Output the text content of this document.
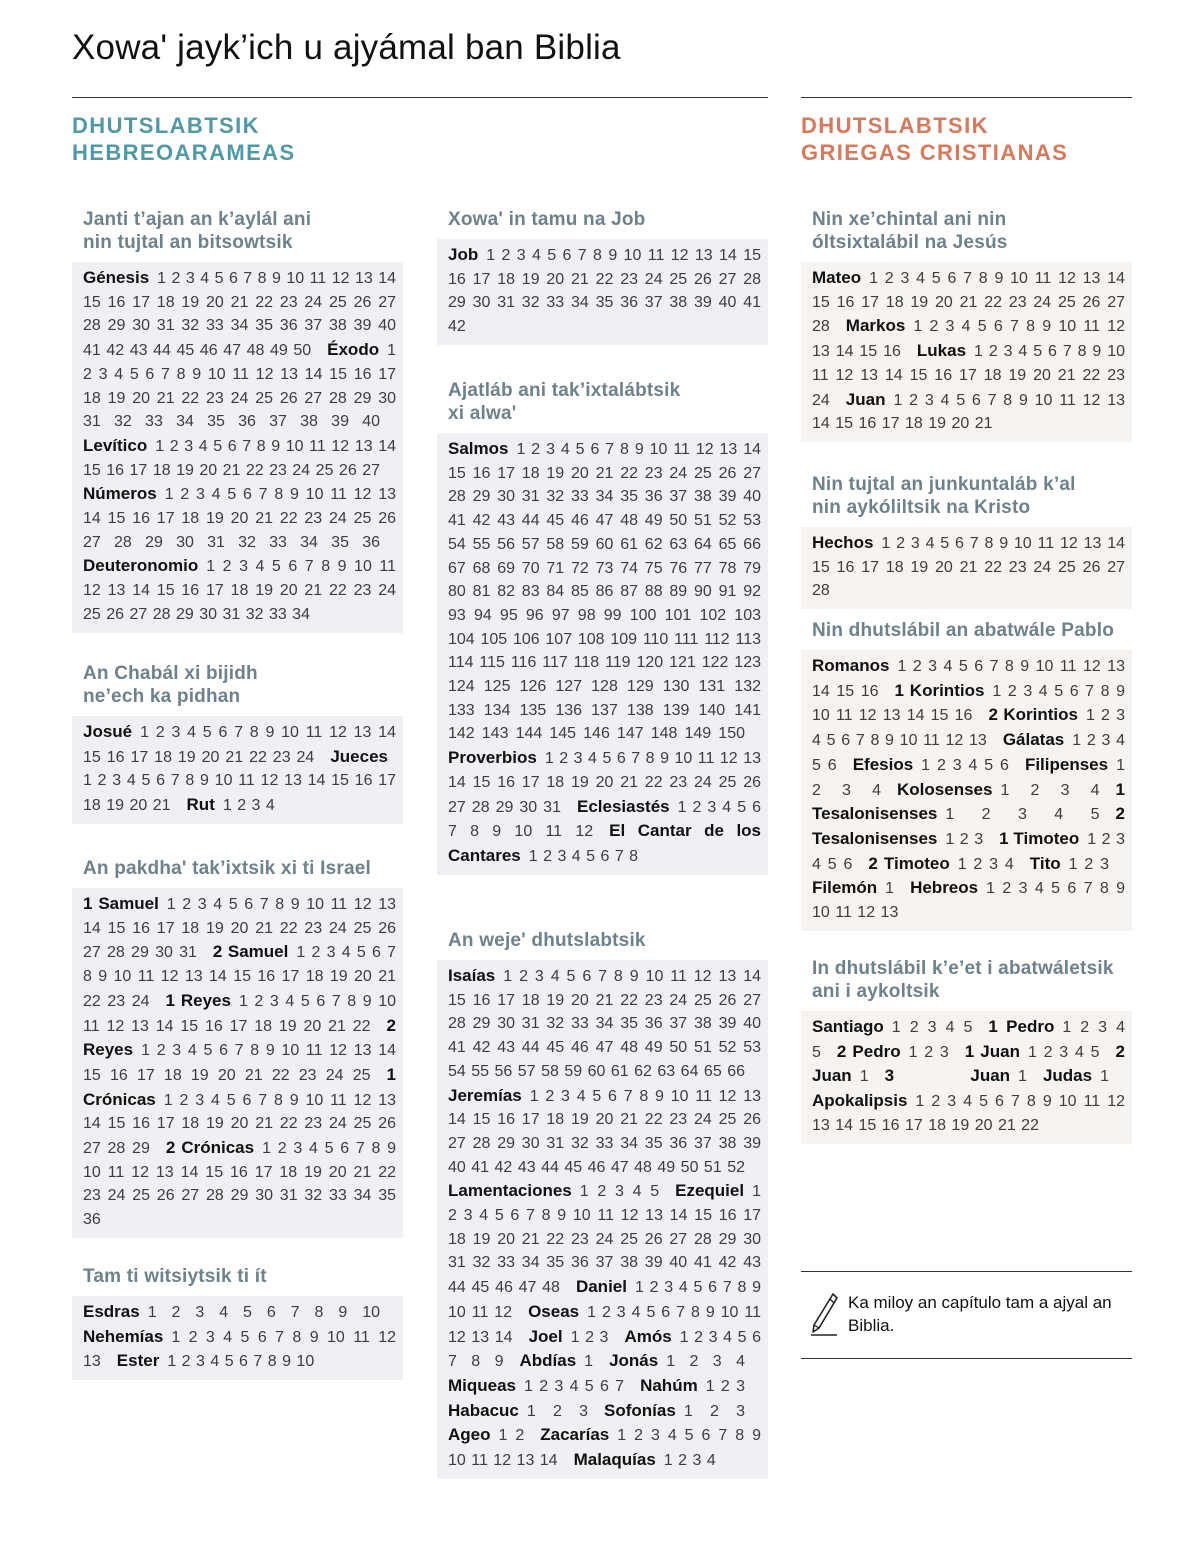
Xowa' jayk’ich u ajyámal ban Biblia
DHUTSLABTSIK
HEBREOARAMEAS
DHUTSLABTSIK
GRIEGAS CRISTIANAS
Janti t’ajan an k’aylál ani
nin tujtal an bitsowtsik
Génesis  1 2 3 4 5 6 7 8 9 10 11 12 13 14 15 16 17 18 19 20 21 22 23 24 25 26 27 28 29 30 31 32 33 34 35 36 37 38 39 40 41 42 43 44 45 46 47 48 49 50  Éxodo  1 2 3 4 5 6 7 8 9 10 11 12 13 14 15 16 17 18 19 20 21 22 23 24 25 26 27 28 29 30 31 32 33 34 35 36 37 38 39 40 Levítico  1 2 3 4 5 6 7 8 9 10 11 12 13 14 15 16 17 18 19 20 21 22 23 24 25 26 27 Números  1 2 3 4 5 6 7 8 9 10 11 12 13 14 15 16 17 18 19 20 21 22 23 24 25 26 27 28 29 30 31 32 33 34 35 36 Deuteronomio  1 2 3 4 5 6 7 8 9 10 11 12 13 14 15 16 17 18 19 20 21 22 23 24 25 26 27 28 29 30 31 32 33 34 
An Chabál xi bijidh
ne’ech ka pidhan
Josué  1 2 3 4 5 6 7 8 9 10 11 12 13 14 15 16 17 18 19 20 21 22 23 24  Jueces 1 2 3 4 5 6 7 8 9 10 11 12 13 14 15 16 17 18 19 20 21  Rut  1 2 3 4 
An pakdha' tak’ixtsik xi ti Israel
1 Samuel  1 2 3 4 5 6 7 8 9 10 11 12 13 14 15 16 17 18 19 20 21 22 23 24 25 26 27 28 29 30 31  2 Samuel  1 2 3 4 5 6 7 8 9 10 11 12 13 14 15 16 17 18 19 20 21 22 23 24  1 Reyes  1 2 3 4 5 6 7 8 9 10 11 12 13 14 15 16 17 18 19 20 21 22  2 Reyes  1 2 3 4 5 6 7 8 9 10 11 12 13 14 15 16 17 18 19 20 21 22 23 24 25  1 Crónicas  1 2 3 4 5 6 7 8 9 10 11 12 13 14 15 16 17 18 19 20 21 22 23 24 25 26 27 28 29  2 Crónicas  1 2 3 4 5 6 7 8 9 10 11 12 13 14 15 16 17 18 19 20 21 22 23 24 25 26 27 28 29 30 31 32 33 34 35 36 
Tam ti witsiytsik ti ít
Esdras  1 2 3 4 5 6 7 8 9 10 Nehemías  1 2 3 4 5 6 7 8 9 10 11 12 13  Ester  1 2 3 4 5 6 7 8 9 10 
Xowa' in tamu na Job
Job  1 2 3 4 5 6 7 8 9 10 11 12 13 14 15 16 17 18 19 20 21 22 23 24 25 26 27 28 29 30 31 32 33 34 35 36 37 38 39 40 41 42 
Ajatláb ani tak’ixtalábtsik
xi alwa'
Salmos  1 2 3 4 5 6 7 8 9 10 11 12 13 14 15 16 17 18 19 20 21 22 23 24 25 26 27 28 29 30 31 32 33 34 35 36 37 38 39 40 41 42 43 44 45 46 47 48 49 50 51 52 53 54 55 56 57 58 59 60 61 62 63 64 65 66 67 68 69 70 71 72 73 74 75 76 77 78 79 80 81 82 83 84 85 86 87 88 89 90 91 92 93 94 95 96 97 98 99 100 101 102 103 104 105 106 107 108 109 110 111 112 113 114 115 116 117 118 119 120 121 122 123 124 125 126 127 128 129 130 131 132 133 134 135 136 137 138 139 140 141 142 143 144 145 146 147 148 149 150 Proverbios  1 2 3 4 5 6 7 8 9 10 11 12 13 14 15 16 17 18 19 20 21 22 23 24 25 26 27 28 29 30 31  Eclesiastés  1 2 3 4 5 6 7 8 9 10 11 12  El Cantar de los Cantares  1 2 3 4 5 6 7 8 
An weje' dhutslabtsik
Isaías  1 2 3 4 5 6 7 8 9 10 11 12 13 14 15 16 17 18 19 20 21 22 23 24 25 26 27 28 29 30 31 32 33 34 35 36 37 38 39 40 41 42 43 44 45 46 47 48 49 50 51 52 53 54 55 56 57 58 59 60 61 62 63 64 65 66 Jeremías  1 2 3 4 5 6 7 8 9 10 11 12 13 14 15 16 17 18 19 20 21 22 23 24 25 26 27 28 29 30 31 32 33 34 35 36 37 38 39 40 41 42 43 44 45 46 47 48 49 50 51 52 Lamentaciones  1 2 3 4 5  Ezequiel  1 2 3 4 5 6 7 8 9 10 11 12 13 14 15 16 17 18 19 20 21 22 23 24 25 26 27 28 29 30 31 32 33 34 35 36 37 38 39 40 41 42 43 44 45 46 47 48  Daniel  1 2 3 4 5 6 7 8 9 10 11 12  Oseas  1 2 3 4 5 6 7 8 9 10 11 12 13 14  Joel  1 2 3  Amós  1 2 3 4 5 6 7 8 9  Abdías  1  Jonás  1 2 3 4 Miqueas  1 2 3 4 5 6 7  Nahúm  1 2 3 Habacuc  1 2 3  Sofonías  1 2 3 Ageo  1 2  Zacarías  1 2 3 4 5 6 7 8 9 10 11 12 13 14  Malaquías  1 2 3 4 
Nin xe’chintal ani nin
óltsixtalábil na Jesús
Mateo  1 2 3 4 5 6 7 8 9 10 11 12 13 14 15 16 17 18 19 20 21 22 23 24 25 26 27 28  Markos  1 2 3 4 5 6 7 8 9 10 11 12 13 14 15 16  Lukas  1 2 3 4 5 6 7 8 9 10 11 12 13 14 15 16 17 18 19 20 21 22 23 24  Juan  1 2 3 4 5 6 7 8 9 10 11 12 13 14 15 16 17 18 19 20 21 
Nin tujtal an junkuntaláb k’al
nin aykóliltsik na Kristo
Hechos  1 2 3 4 5 6 7 8 9 10 11 12 13 14 15 16 17 18 19 20 21 22 23 24 25 26 27 28 
Nin dhutslábil an abatwále Pablo
Romanos  1 2 3 4 5 6 7 8 9 10 11 12 13 14 15 16  1 Korintios  1 2 3 4 5 6 7 8 9 10 11 12 13 14 15 16  2 Korintios  1 2 3 4 5 6 7 8 9 10 11 12 13  Gálatas  1 2 3 4 5 6  Efesios  1 2 3 4 5 6  Filipenses  1 2 3 4  Kolosenses  1 2 3 4  1 Tesalonisenses  1 2 3 4 5  2 Tesalonisenses  1 2 3  1 Timoteo  1 2 3 4 5 6  2 Timoteo  1 2 3 4  Tito  1 2 3 Filemón  1  Hebreos  1 2 3 4 5 6 7 8 9 10 11 12 13 
In dhutslábil k’e’et i abatwáletsik
ani i aykoltsik
Santiago  1 2 3 4 5  1 Pedro  1 2 3 4 5  2 Pedro  1 2 3  1 Juan  1 2 3 4 5  2 Juan  1  3 Juan  1  Judas  1 Apokalipsis  1 2 3 4 5 6 7 8 9 10 11 12 13 14 15 16 17 18 19 20 21 22 
Ka miloy an capítulo tam a ajyal an Biblia.
